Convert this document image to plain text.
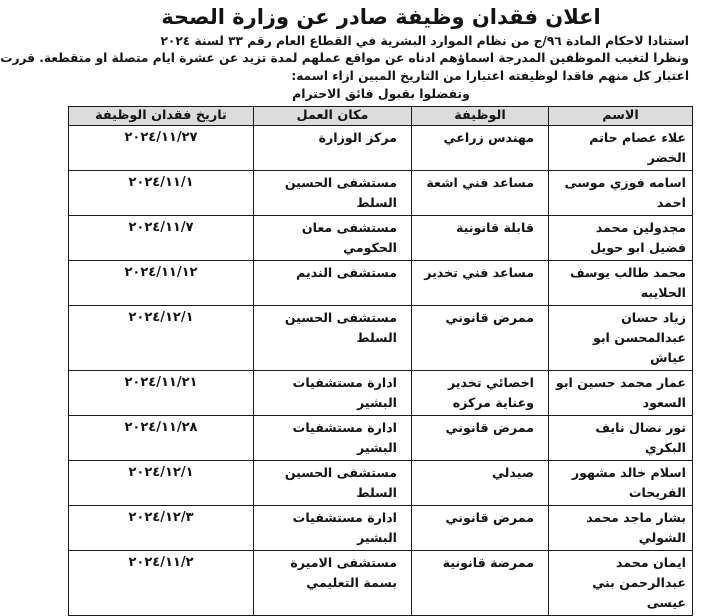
اعلان فقدان وظيفة صادر عن وزارة الصحة
استنادا لاحكام المادة ٩٦/ج من نظام الموارد البشرية في القطاع العام رقم ٣٣ لسنة ٢٠٢٤
ونظرا لتغيب الموظفين المدرجة اسماؤهم ادناه عن مواقع عملهم لمدة تزيد عن عشرة ايام متصلة او متقطعة. قررت
اعتبار كل منهم فاقدا لوظيفته اعتبارا من التاريخ المبين ازاء اسمه:
وتفضلوا بقبول فائق الاحترام
الاسم	الوظيفة	مكان العمل	تاريخ فقدان الوظيفة
علاء عصام حاتم الخضر	مهندس زراعي	مركز الوزارة	٢٠٢٤/١١/٢٧
اسامه فوزي موسى احمد	مساعد فني اشعة	مستشفى الحسين السلط	٢٠٢٤/١١/١
مجدولين محمد فضيل ابو حويل	قابلة قانونية	مستشفى معان الحكومي	٢٠٢٤/١١/٧
محمد طالب يوسف الحلايبه	مساعد فني تخدير	مستشفى النديم	٢٠٢٤/١١/١٢
زياد حسان عبدالمحسن ابو عياش	ممرض قانوني	مستشفى الحسين السلط	٢٠٢٤/١٢/١
عمار محمد حسين ابو السعود	اخصائي تخدير وعناية مركزه	ادارة مستشفيات البشير	٢٠٢٤/١١/٢١
نور نضال نايف البكري	ممرض قانوني	ادارة مستشفيات البشير	٢٠٢٤/١١/٢٨
اسلام خالد مشهور الفريحات	صيدلي	مستشفى الحسين السلط	٢٠٢٤/١٢/١
بشار ماجد محمد الشولي	ممرض قانوني	ادارة مستشفيات البشير	٢٠٢٤/١٢/٣
ايمان محمد عبدالرحمن بني عيسى	ممرضة قانونية	مستشفى الاميرة بسمة التعليمي	٢٠٢٤/١١/٢
